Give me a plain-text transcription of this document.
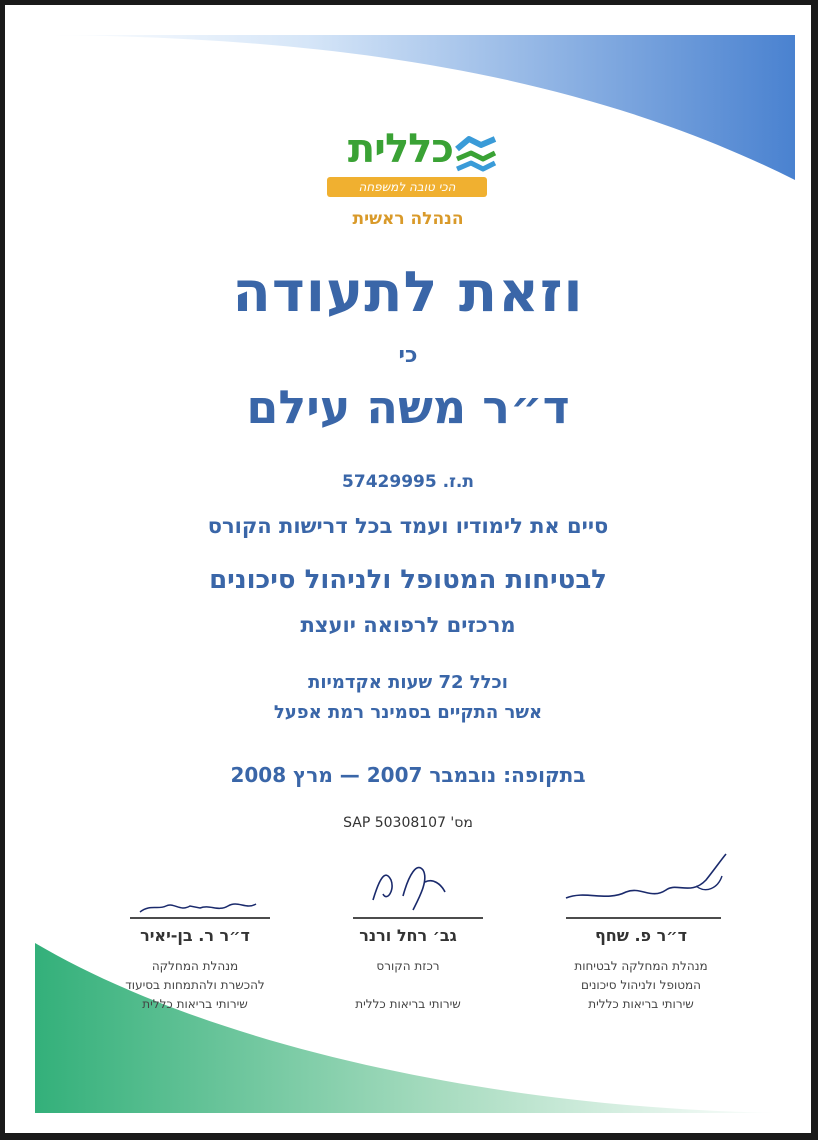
כללית
הכי טובה למשפחה
הנהלה ראשית
וזאת לתעודה
כי
ד״ר משה עילם
ת.ז. 57429995
סיים את לימודיו ועמד בכל דרישות הקורס
לבטיחות המטופל ולניהול סיכונים
מרכזים לרפואה יועצת
וכלל 72 שעות אקדמיות
אשר התקיים בסמינר רמת אפעל
בתקופה: נובמבר 2007 — מרץ 2008
מס' SAP 50308107
ד״ר פ. שחף
מנהלת המחלקה לבטיחות
המטופל ולניהול סיכונים
שירותי בריאות כללית
גב׳ רחל ורנר
רכזת הקורס

שירותי בריאות כללית
ד״ר ר. בן-יאיר
מנהלת המחלקה
להכשרת ולהתמחות בסיעוד
שירותי בריאות כללית
